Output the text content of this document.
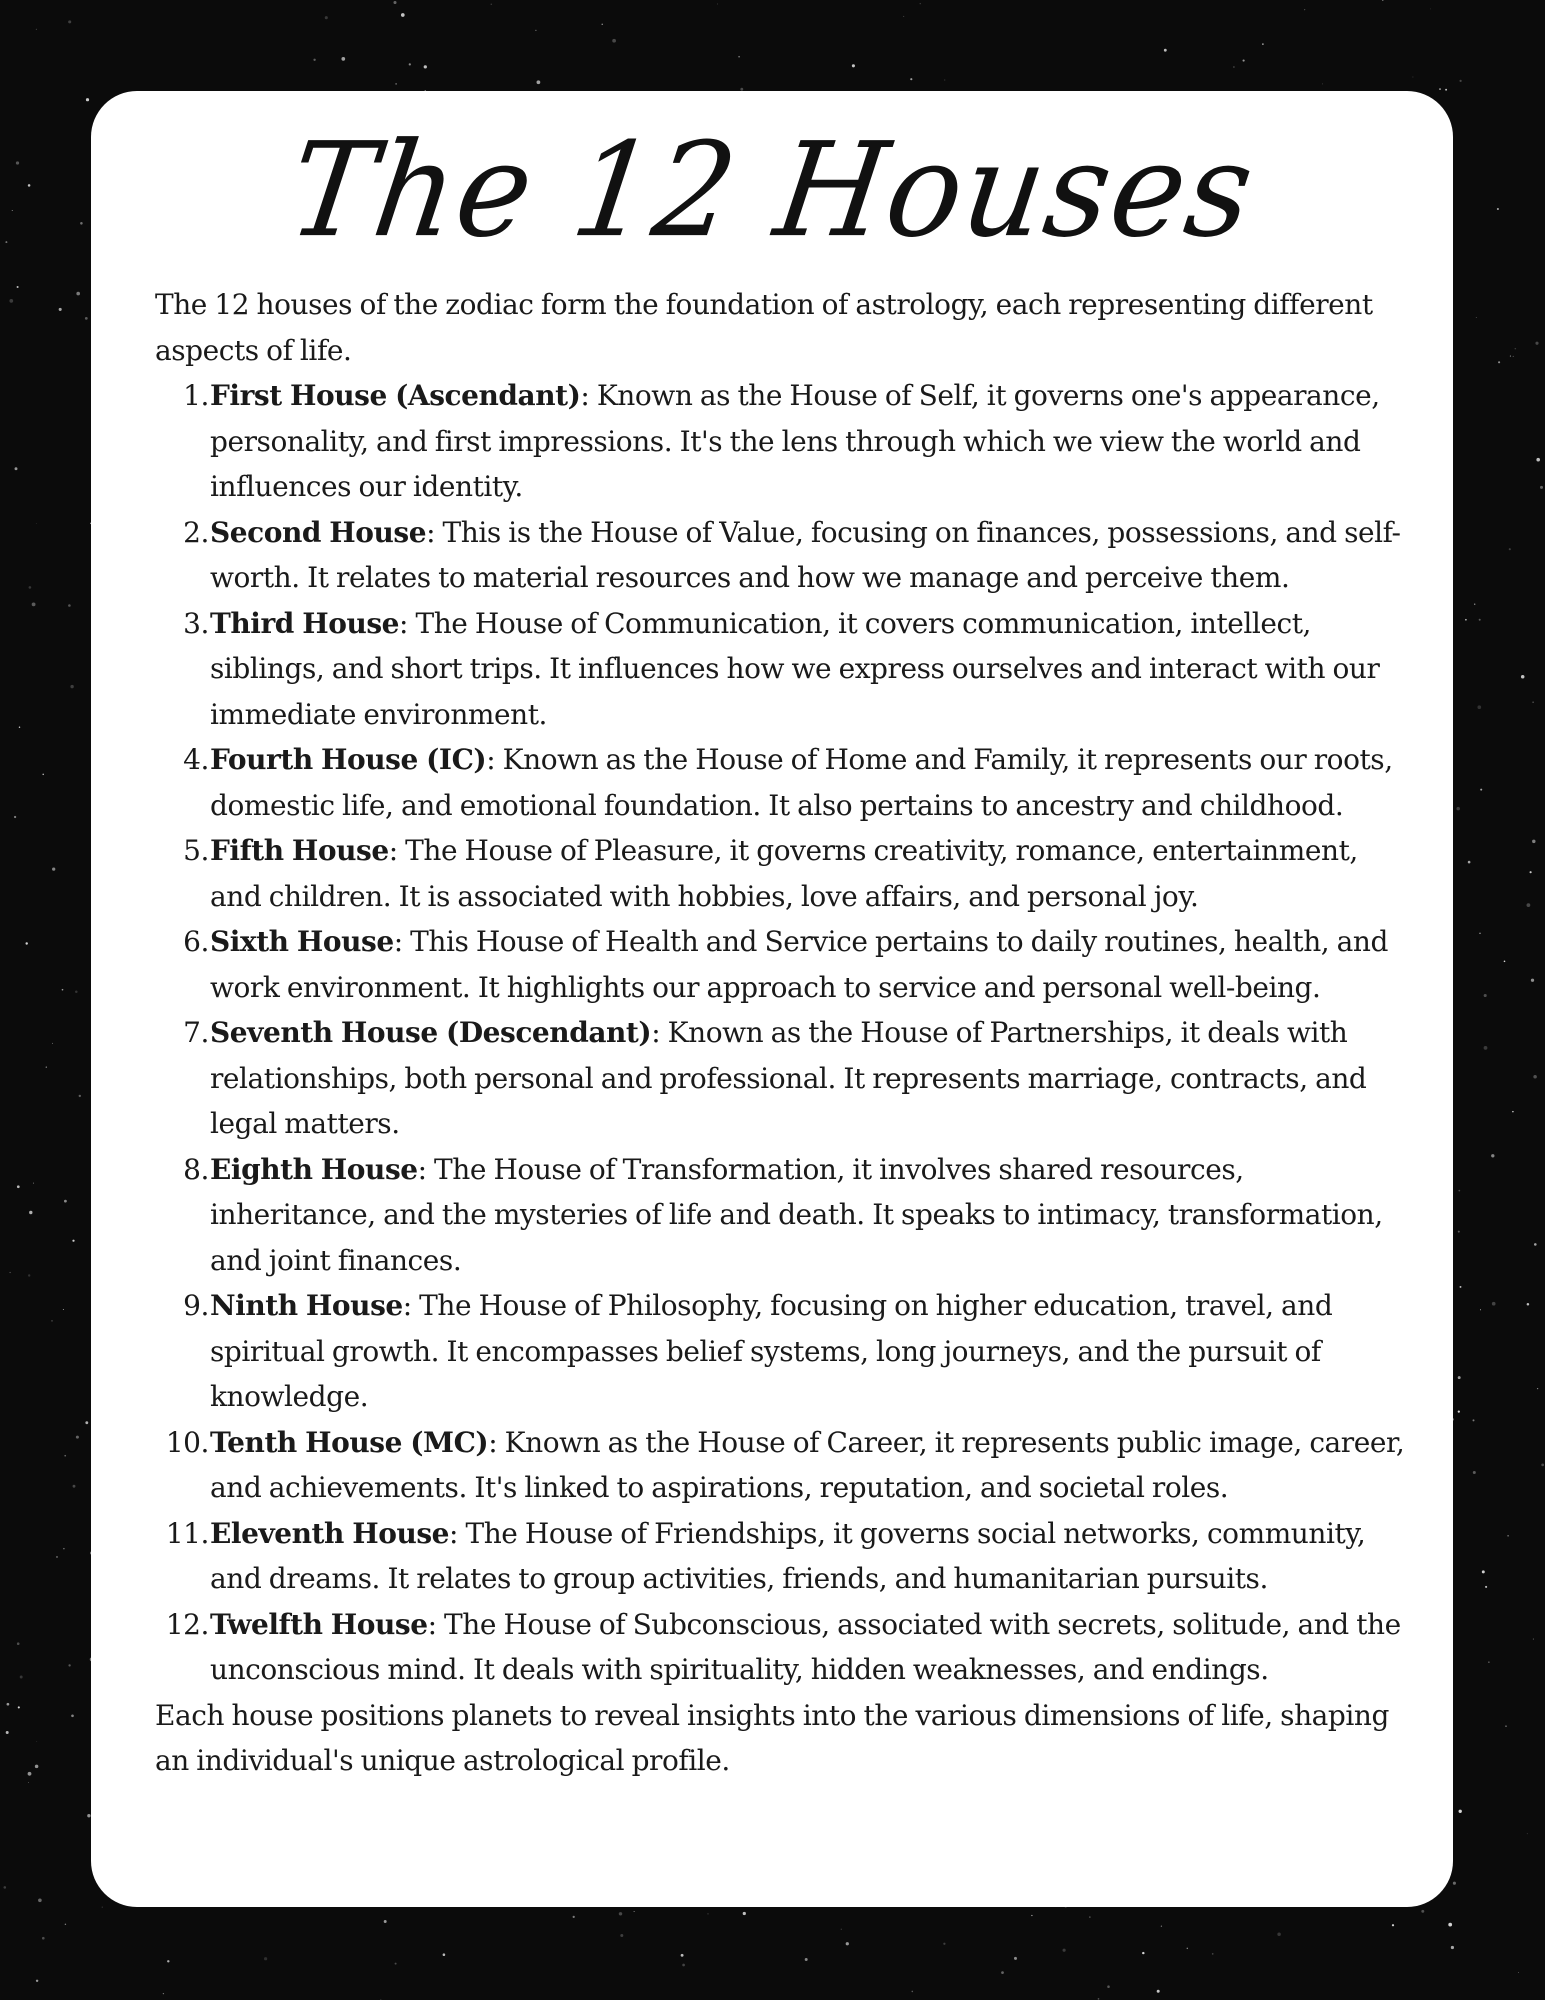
The 12 Houses

The 12 houses of the zodiac form the foundation of astrology, each representing different aspects of life.

1. First House (Ascendant): Known as the House of Self, it governs one's appearance, personality, and first impressions. It's the lens through which we view the world and influences our identity.
2. Second House: This is the House of Value, focusing on finances, possessions, and self-worth. It relates to material resources and how we manage and perceive them.
3. Third House: The House of Communication, it covers communication, intellect, siblings, and short trips. It influences how we express ourselves and interact with our immediate environment.
4. Fourth House (IC): Known as the House of Home and Family, it represents our roots, domestic life, and emotional foundation. It also pertains to ancestry and childhood.
5. Fifth House: The House of Pleasure, it governs creativity, romance, entertainment, and children. It is associated with hobbies, love affairs, and personal joy.
6. Sixth House: This House of Health and Service pertains to daily routines, health, and work environment. It highlights our approach to service and personal well-being.
7. Seventh House (Descendant): Known as the House of Partnerships, it deals with relationships, both personal and professional. It represents marriage, contracts, and legal matters.
8. Eighth House: The House of Transformation, it involves shared resources, inheritance, and the mysteries of life and death. It speaks to intimacy, transformation, and joint finances.
9. Ninth House: The House of Philosophy, focusing on higher education, travel, and spiritual growth. It encompasses belief systems, long journeys, and the pursuit of knowledge.
10. Tenth House (MC): Known as the House of Career, it represents public image, career, and achievements. It's linked to aspirations, reputation, and societal roles.
11. Eleventh House: The House of Friendships, it governs social networks, community, and dreams. It relates to group activities, friends, and humanitarian pursuits.
12. Twelfth House: The House of Subconscious, associated with secrets, solitude, and the unconscious mind. It deals with spirituality, hidden weaknesses, and endings.

Each house positions planets to reveal insights into the various dimensions of life, shaping an individual's unique astrological profile.
